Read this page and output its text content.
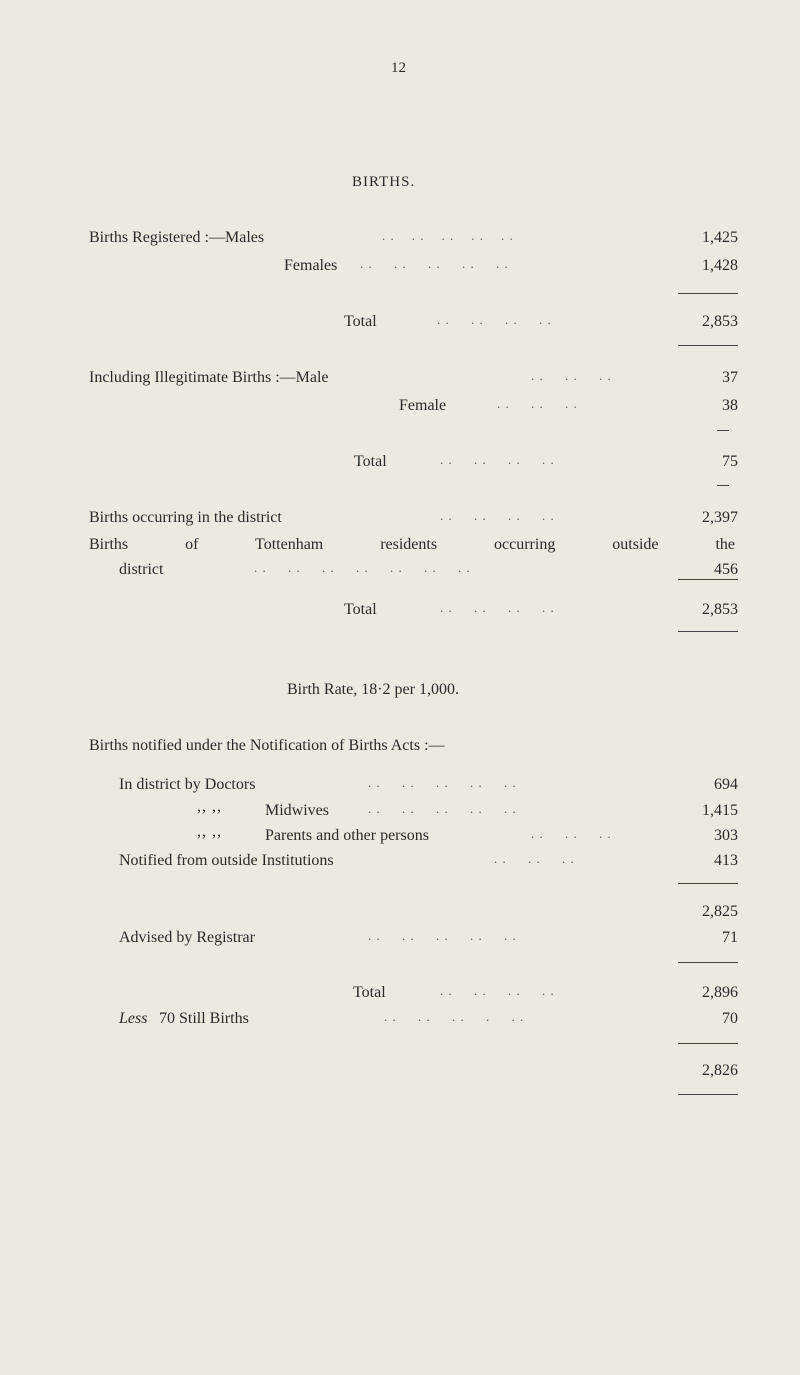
12
BIRTHS.
Births Registered :—Males	. .    . .    . .    . .    . .	1,425
Females . .     . .     . .     . .     . .	1,428
Total	. .     . .     . .     . .	2,853
Including Illegitimate Births :—Male	. .     . .     . .	37
Female	. .     . .     . .	38
Total	. .     . .     . .     . .	75
Births occurring in the district	. .     . .     . .     . .	2,397
Births of Tottenham residents occurring outside the
district	. .     . .     . .     . .     . .     . .     . .	456
Total	. .     . .     . .     . .	2,853
Birth Rate, 18·2 per 1,000.
Births notified under the Notification of Births Acts :—
In district by Doctors	. .     . .     . .     . .     . .	694
,, ,,	Midwives	. .     . .     . .     . .     . .	1,415
,, ,,	Parents and other persons	. .     . .     . .	303
Notified from outside Institutions	. .     . .     . .	413
2,825
Advised by Registrar	. .     . .     . .     . .     . .	71
Total	. .     . .     . .     . .	2,896
Less 70 Still Births	. .     . .     . .     .     . .	70
2,826
